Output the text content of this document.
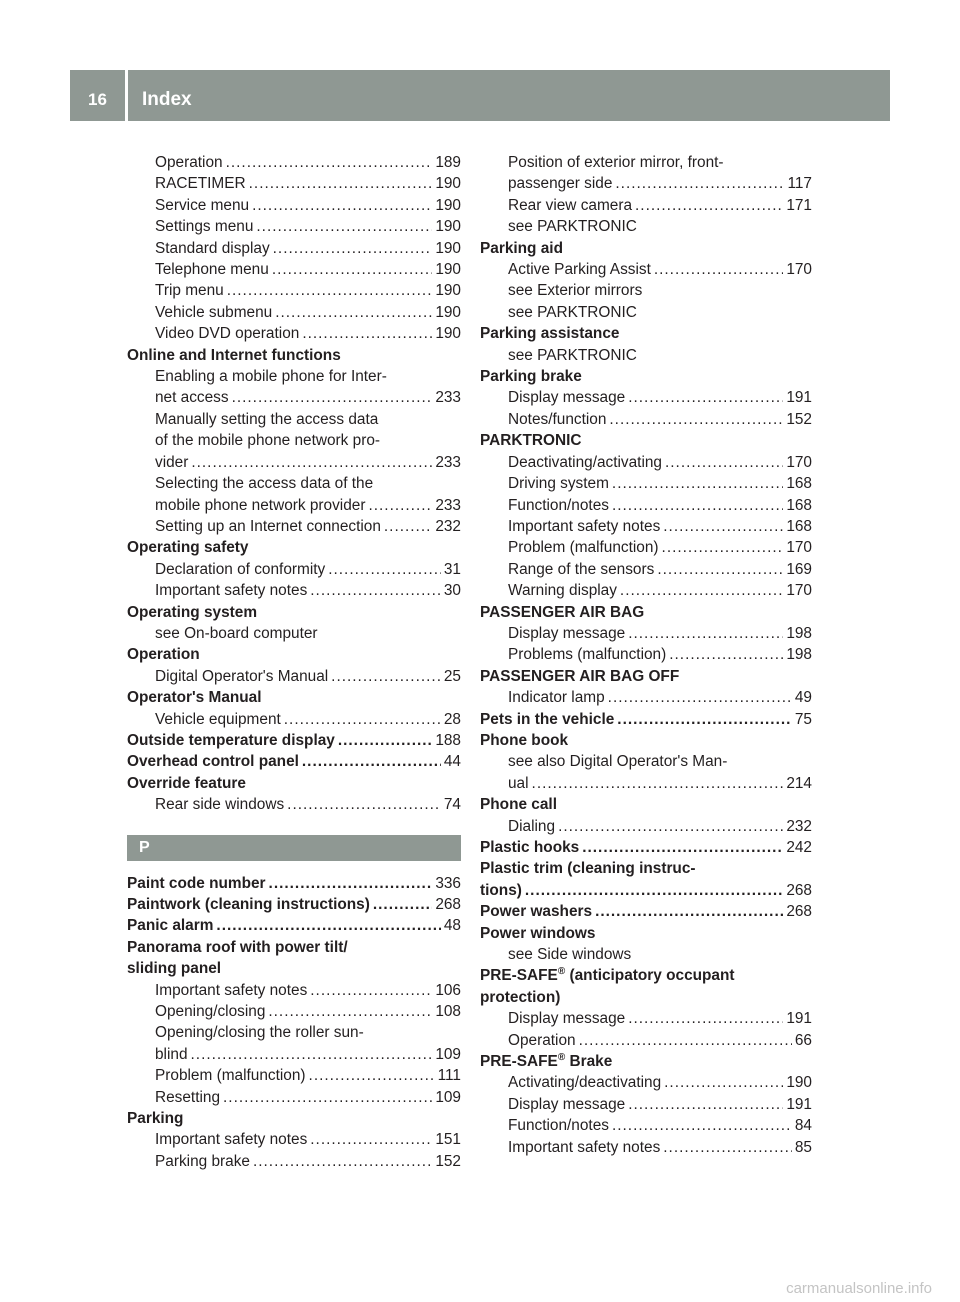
16	Index
Operation .....	189
RACETIMER .....	190
Service menu .....	190
Settings menu .....	190
Standard display .....	190
Telephone menu .....	190
Trip menu .....	190
Vehicle submenu .....	190
Video DVD operation .....	190
Online and Internet functions
Enabling a mobile phone for Inter-
net access .....	233
Manually setting the access data
of the mobile phone network pro-
vider .....	233
Selecting the access data of the
mobile phone network provider .....	233
Setting up an Internet connection .....	232
Operating safety
Declaration of conformity .....	31
Important safety notes .....	30
Operating system
see On-board computer
Operation
Digital Operator's Manual .....	25
Operator's Manual
Vehicle equipment .....	28
Outside temperature display .....	188
Overhead control panel .....	44
Override feature
Rear side windows .....	74
P
Paint code number .....	336
Paintwork (cleaning instructions) .....	268
Panic alarm .....	48
Panorama roof with power tilt/
sliding panel
Important safety notes .....	106
Opening/closing .....	108
Opening/closing the roller sun-
blind .....	109
Problem (malfunction) .....	111
Resetting .....	109
Parking
Important safety notes .....	151
Parking brake .....	152
Position of exterior mirror, front-
passenger side .....	117
Rear view camera .....	171
see PARKTRONIC
Parking aid
Active Parking Assist .....	170
see Exterior mirrors
see PARKTRONIC
Parking assistance
see PARKTRONIC
Parking brake
Display message .....	191
Notes/function .....	152
PARKTRONIC
Deactivating/activating .....	170
Driving system .....	168
Function/notes .....	168
Important safety notes .....	168
Problem (malfunction) .....	170
Range of the sensors .....	169
Warning display .....	170
PASSENGER AIR BAG
Display message .....	198
Problems (malfunction) .....	198
PASSENGER AIR BAG OFF
Indicator lamp .....	49
Pets in the vehicle .....	75
Phone book
see also Digital Operator's Man-
ual .....	214
Phone call
Dialing .....	232
Plastic hooks .....	242
Plastic trim (cleaning instruc-
tions) .....	268
Power washers .....	268
Power windows
see Side windows
PRE-SAFE® (anticipatory occupant
protection)
Display message .....	191
Operation .....	66
PRE-SAFE® Brake
Activating/deactivating .....	190
Display message .....	191
Function/notes .....	84
Important safety notes .....	85
carmanualsonline.info
